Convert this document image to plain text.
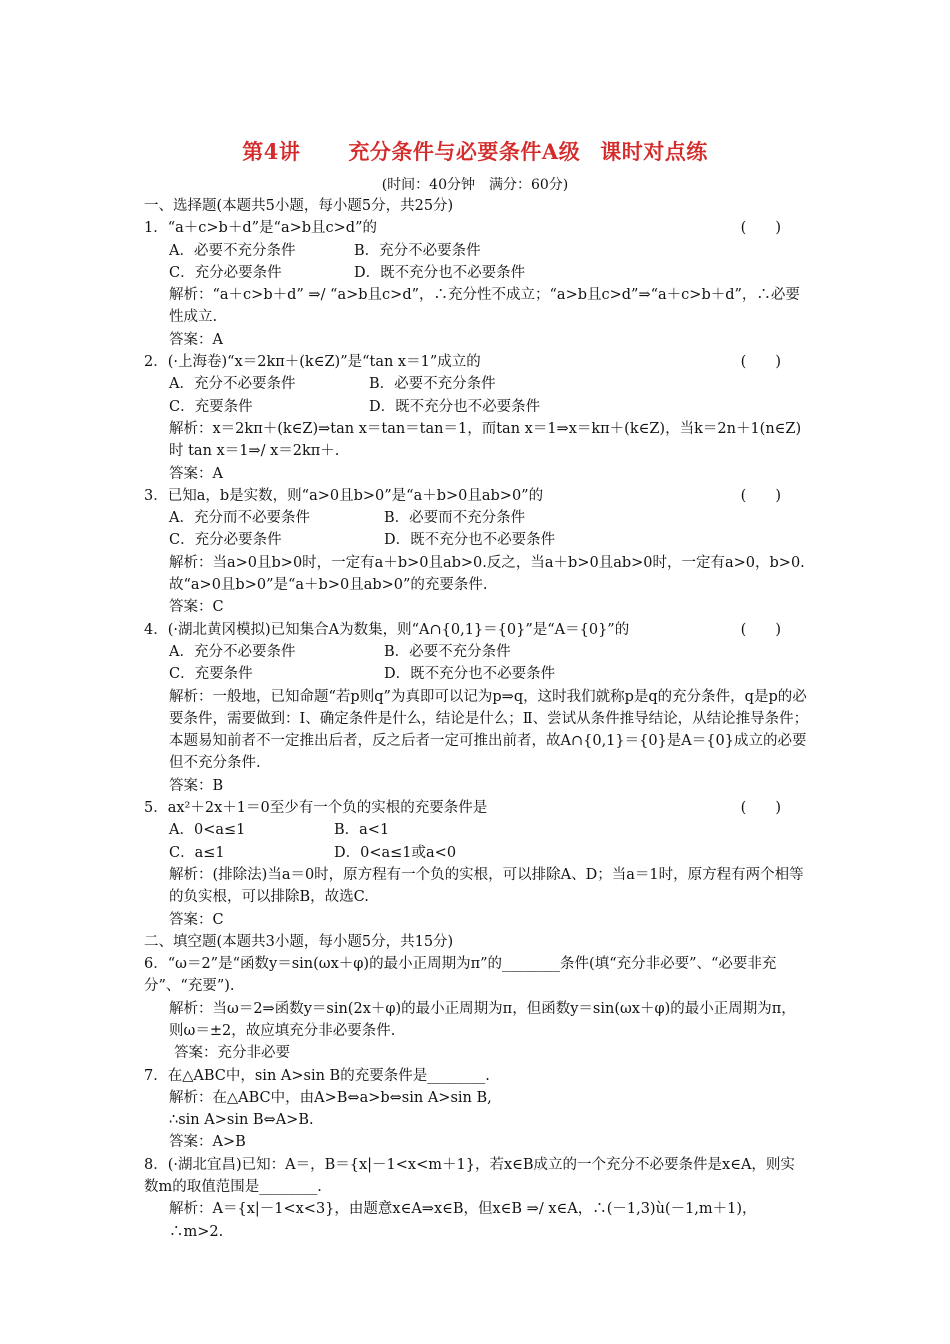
第4讲 充分条件与必要条件A级 课时对点练
(时间：40分钟　满分：60分)
一、选择题(本题共5小题，每小题5分，共25分)
1．“a＋c>b＋d”是“a>b且c>d”的	(　　)
A．必要不充分条件	B．充分不必要条件
C．充分必要条件	D．既不充分也不必要条件
解析：“a＋c>b＋d” ⇒/ “a>b且c>d”，∴充分性不成立；“a>b且c>d”⇒“a＋c>b＋d”，∴必要性成立.
答案：A
2．(·上海卷)“x＝2kπ＋(k∈Z)”是“tan x＝1”成立的	(　　)
A．充分不必要条件	B．必要不充分条件
C．充要条件	D．既不充分也不必要条件
解析：x＝2kπ＋(k∈Z)⇒tan x＝tan＝tan＝1，而tan x＝1⇒x＝kπ＋(k∈Z)，当k＝2n＋1(n∈Z)时 tan x＝1⇒/ x＝2kπ＋.
答案：A
3．已知a，b是实数，则“a>0且b>0”是“a＋b>0且ab>0”的	(　　)
A．充分而不必要条件	B．必要而不充分条件
C．充分必要条件	D．既不充分也不必要条件
解析：当a>0且b>0时，一定有a＋b>0且ab>0.反之，当a＋b>0且ab>0时，一定有a>0，b>0.故“a>0且b>0”是“a＋b>0且ab>0”的充要条件.
答案：C
4．(·湖北黄冈模拟)已知集合A为数集，则“A∩{0,1}＝{0}”是“A＝{0}”的	(　　)
A．充分不必要条件	B．必要不充分条件
C．充要条件	D．既不充分也不必要条件
解析：一般地，已知命题“若p则q”为真即可以记为p⇒q，这时我们就称p是q的充分条件，q是p的必要条件，需要做到：Ⅰ、确定条件是什么，结论是什么；Ⅱ、尝试从条件推导结论，从结论推导条件；本题易知前者不一定推出后者，反之后者一定可推出前者，故A∩{0,1}＝{0}是A＝{0}成立的必要但不充分条件.
答案：B
5．ax²＋2x＋1＝0至少有一个负的实根的充要条件是	(　　)
A．0<a≤1	B．a<1
C．a≤1	D．0<a≤1或a<0
解析：(排除法)当a＝0时，原方程有一个负的实根，可以排除A、D；当a＝1时，原方程有两个相等的负实根，可以排除B，故选C.
答案：C
二、填空题(本题共3小题，每小题5分，共15分)
6．“ω＝2”是“函数y＝sin(ωx＋φ)的最小正周期为π”的________条件(填“充分非必要”、“必要非充分”、“充要”).
解析：当ω＝2⇒函数y＝sin(2x＋φ)的最小正周期为π，但函数y＝sin(ωx＋φ)的最小正周期为π，则ω＝±2，故应填充分非必要条件.
答案：充分非必要
7．在△ABC中，sin A>sin B的充要条件是________.
解析：在△ABC中，由A>B⇔a>b⇔sin A>sin B,
∴sin A>sin B⇔A>B.
答案：A>B
8．(·湖北宜昌)已知：A＝，B＝{x|－1<x<m＋1}，若x∈B成立的一个充分不必要条件是x∈A，则实数m的取值范围是________.
解析：A＝{x|－1<x<3}，由题意x∈A⇒x∈B，但x∈B ⇒/ x∈A，∴(－1,3)ù(－1,m＋1)，∴m>2.
